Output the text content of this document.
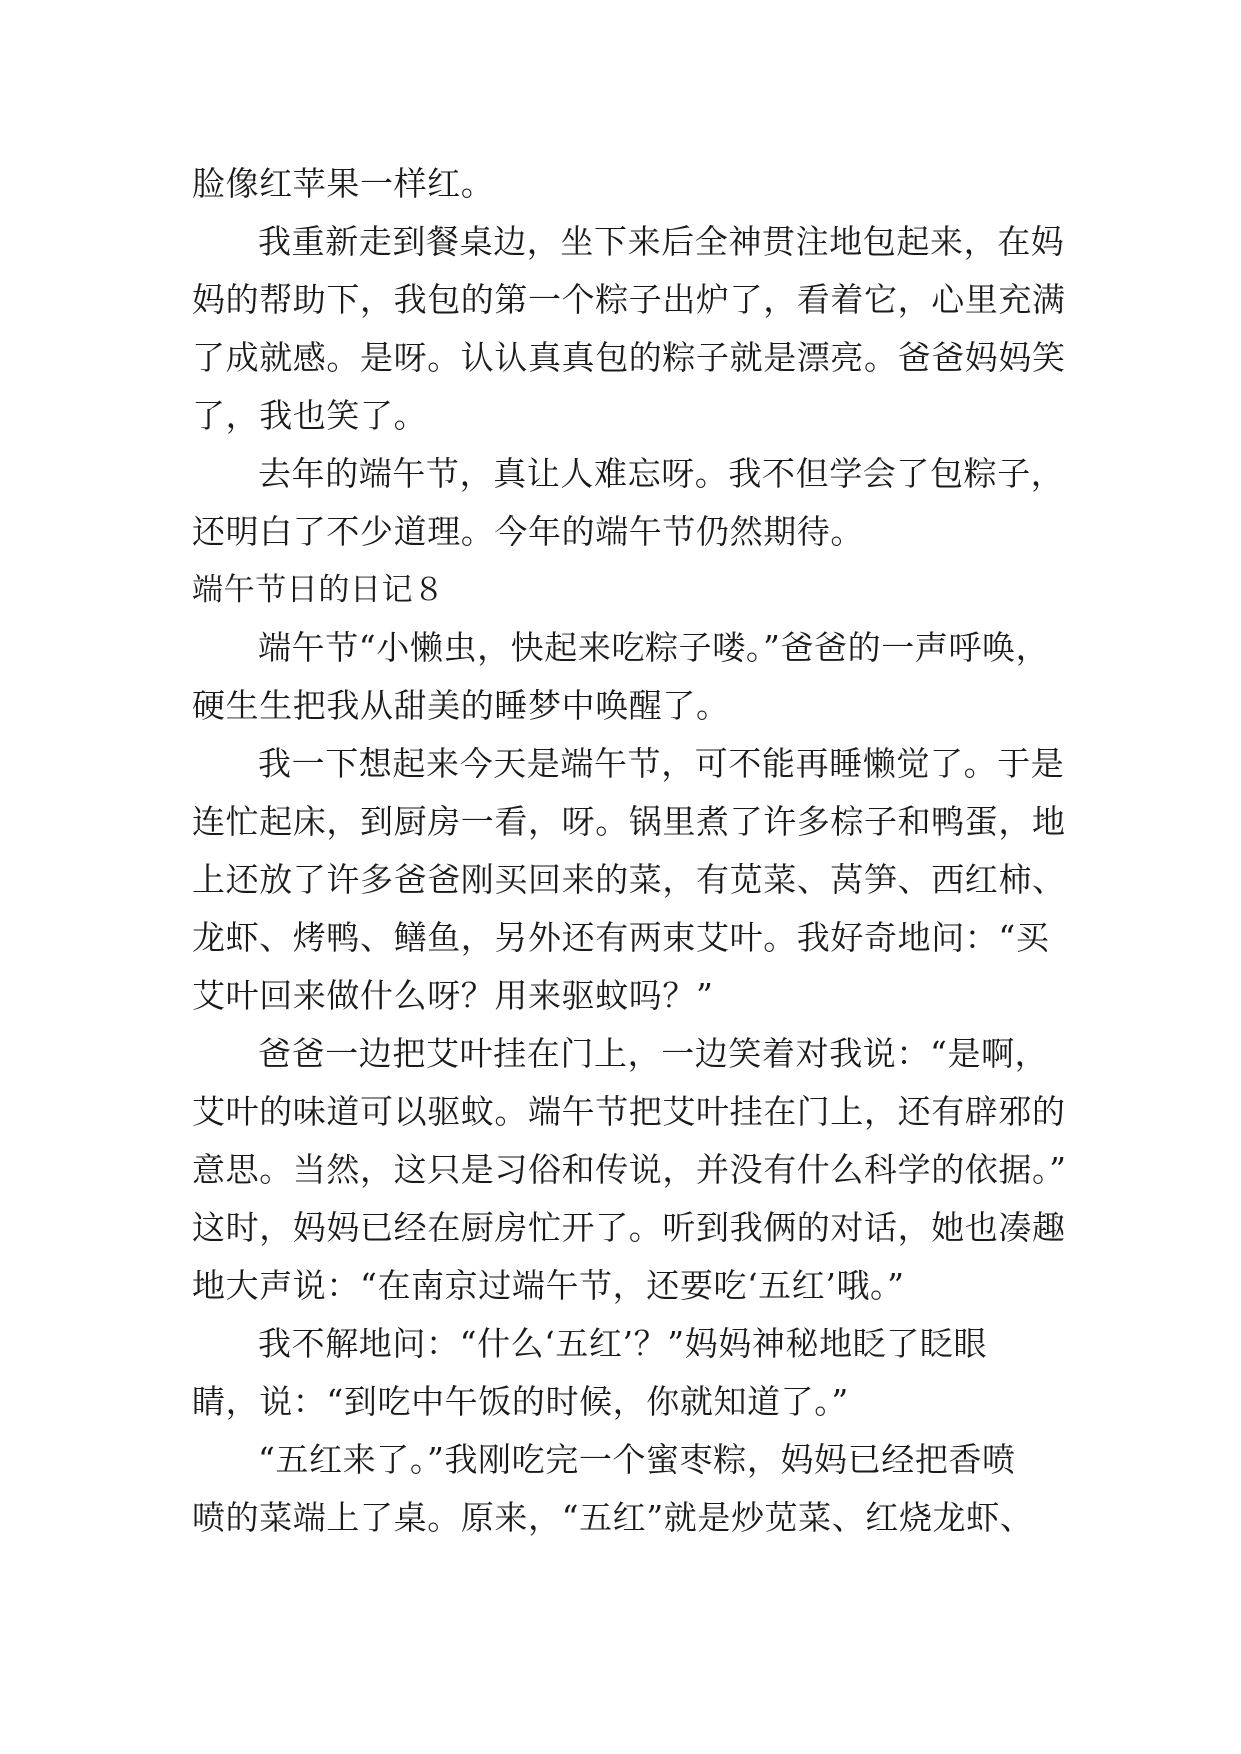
脸像红苹果一样红。
我重新走到餐桌边，坐下来后全神贯注地包起来，在妈
妈的帮助下，我包的第一个粽子出炉了，看着它，心里充满
了成就感。是呀。认认真真包的粽子就是漂亮。爸爸妈妈笑
了，我也笑了。
去年的端午节，真让人难忘呀。我不但学会了包粽子，
还明白了不少道理。今年的端午节仍然期待。
端午节日的日记８
端午节“小懒虫，快起来吃粽子喽。”爸爸的一声呼唤，
硬生生把我从甜美的睡梦中唤醒了。
我一下想起来今天是端午节，可不能再睡懒觉了。于是
连忙起床，到厨房一看，呀。锅里煮了许多棕子和鸭蛋，地
上还放了许多爸爸刚买回来的菜，有苋菜、莴笋、西红柿、
龙虾、烤鸭、鳝鱼，另外还有两束艾叶。我好奇地问：“买
艾叶回来做什么呀？用来驱蚊吗？”
爸爸一边把艾叶挂在门上，一边笑着对我说：“是啊，
艾叶的味道可以驱蚊。端午节把艾叶挂在门上，还有辟邪的
意思。当然，这只是习俗和传说，并没有什么科学的依据。”
这时，妈妈已经在厨房忙开了。听到我俩的对话，她也凑趣
地大声说：“在南京过端午节，还要吃‘五红’哦。”
我不解地问：“什么‘五红’？”妈妈神秘地眨了眨眼
睛，说：“到吃中午饭的时候，你就知道了。”
“五红来了。”我刚吃完一个蜜枣粽，妈妈已经把香喷
喷的菜端上了桌。原来，“五红”就是炒苋菜、红烧龙虾、
